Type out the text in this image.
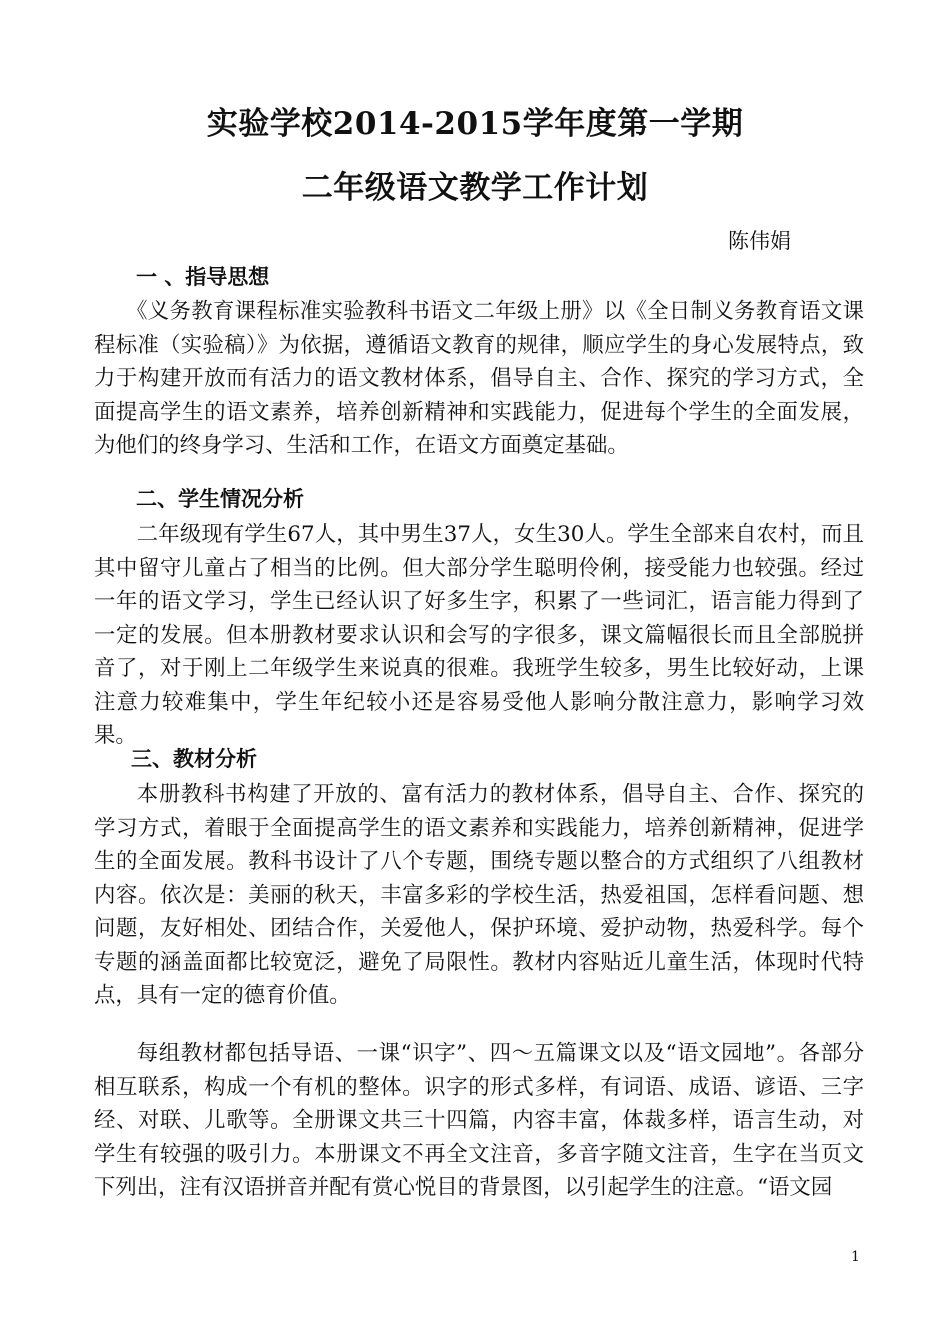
实验学校2014-2015学年度第一学期
二年级语文教学工作计划
陈伟娟
一 、指导思想

《义务教育课程标准实验教科书语文二年级上册》以《全日制义务教育语文课程标准（实验稿）》为依据，遵循语文教育的规律，顺应学生的身心发展特点，致力于构建开放而有活力的语文教材体系，倡导自主、合作、探究的学习方式，全面提高学生的语文素养，培养创新精神和实践能力，促进每个学生的全面发展，为他们的终身学习、生活和工作，在语文方面奠定基础。

二、学生情况分析

二年级现有学生67人，其中男生37人，女生30人。学生全部来自农村，而且其中留守儿童占了相当的比例。但大部分学生聪明伶俐，接受能力也较强。经过一年的语文学习，学生已经认识了好多生字，积累了一些词汇，语言能力得到了一定的发展。但本册教材要求认识和会写的字很多，课文篇幅很长而且全部脱拼音了，对于刚上二年级学生来说真的很难。我班学生较多，男生比较好动，上课注意力较难集中，学生年纪较小还是容易受他人影响分散注意力，影响学习效果。

三、教材分析

本册教科书构建了开放的、富有活力的教材体系，倡导自主、合作、探究的学习方式，着眼于全面提高学生的语文素养和实践能力，培养创新精神，促进学生的全面发展。教科书设计了八个专题，围绕专题以整合的方式组织了八组教材内容。依次是：美丽的秋天，丰富多彩的学校生活，热爱祖国，怎样看问题、想问题，友好相处、团结合作，关爱他人，保护环境、爱护动物，热爱科学。每个专题的涵盖面都比较宽泛，避免了局限性。教材内容贴近儿童生活，体现时代特点，具有一定的德育价值。

每组教材都包括导语、一课“识字”、四～五篇课文以及“语文园地”。各部分相互联系，构成一个有机的整体。识字的形式多样，有词语、成语、谚语、三字经、对联、儿歌等。全册课文共三十四篇，内容丰富，体裁多样，语言生动，对学生有较强的吸引力。本册课文不再全文注音，多音字随文注音，生字在当页文下列出，注有汉语拼音并配有赏心悦目的背景图，以引起学生的注意。“语文园

1
